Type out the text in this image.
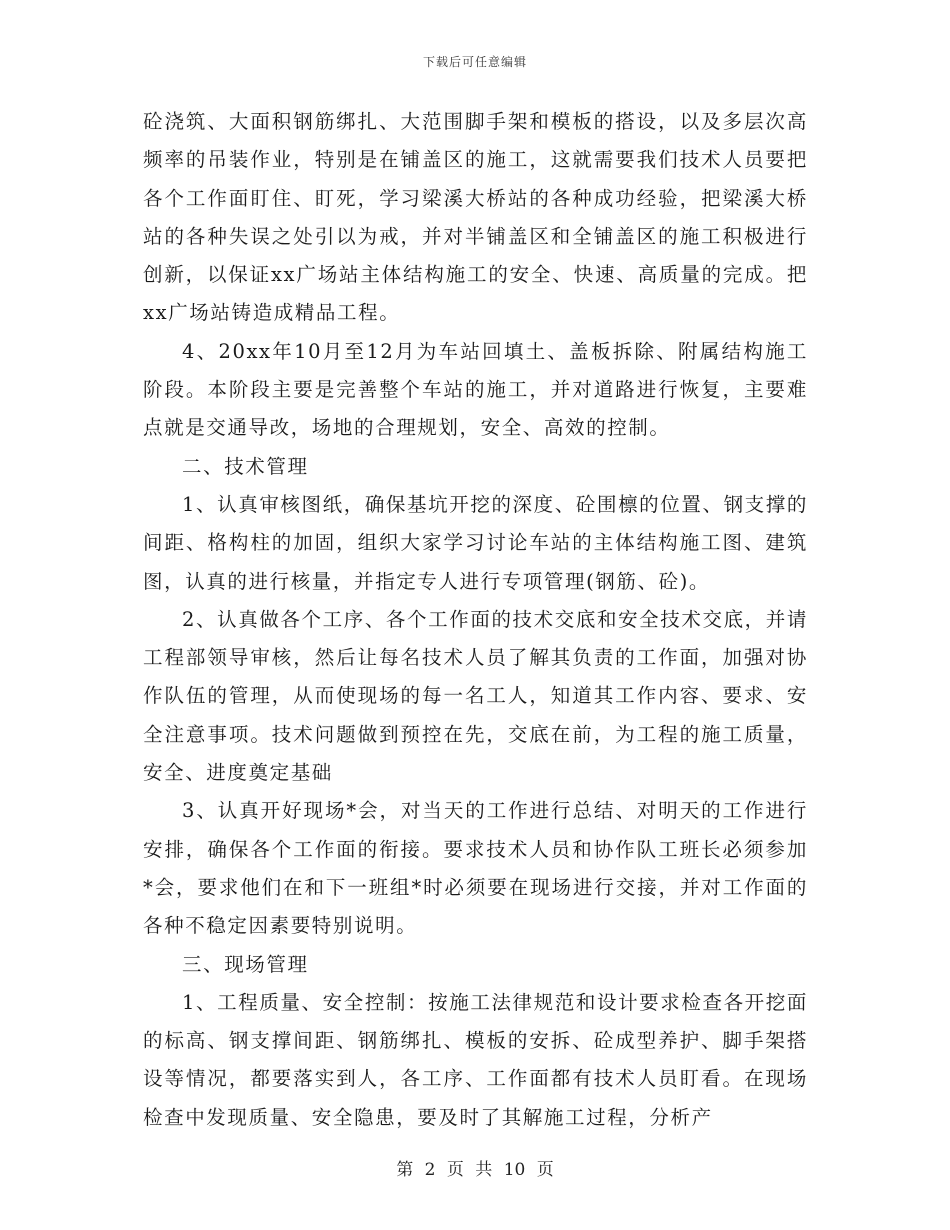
下载后可任意编辑

砼浇筑、大面积钢筋绑扎、大范围脚手架和模板的搭设，以及多层次高频率的吊装作业，特别是在铺盖区的施工，这就需要我们技术人员要把各个工作面盯住、盯死，学习梁溪大桥站的各种成功经验，把梁溪大桥站的各种失误之处引以为戒，并对半铺盖区和全铺盖区的施工积极进行创新，以保证xx广场站主体结构施工的安全、快速、高质量的完成。把xx广场站铸造成精品工程。

4、20xx年10月至12月为车站回填土、盖板拆除、附属结构施工阶段。本阶段主要是完善整个车站的施工，并对道路进行恢复，主要难点就是交通导改，场地的合理规划，安全、高效的控制。

二、技术管理

1、认真审核图纸，确保基坑开挖的深度、砼围檩的位置、钢支撑的间距、格构柱的加固，组织大家学习讨论车站的主体结构施工图、建筑图，认真的进行核量，并指定专人进行专项管理(钢筋、砼)。

2、认真做各个工序、各个工作面的技术交底和安全技术交底，并请工程部领导审核，然后让每名技术人员了解其负责的工作面，加强对协作队伍的管理，从而使现场的每一名工人，知道其工作内容、要求、安全注意事项。技术问题做到预控在先，交底在前，为工程的施工质量，安全、进度奠定基础

3、认真开好现场*会，对当天的工作进行总结、对明天的工作进行安排，确保各个工作面的衔接。要求技术人员和协作队工班长必须参加*会，要求他们在和下一班组*时必须要在现场进行交接，并对工作面的各种不稳定因素要特别说明。

三、现场管理

1、工程质量、安全控制：按施工法律规范和设计要求检查各开挖面的标高、钢支撑间距、钢筋绑扎、模板的安拆、砼成型养护、脚手架搭设等情况，都要落实到人，各工序、工作面都有技术人员盯看。在现场检查中发现质量、安全隐患，要及时了其解施工过程，分析产

第 2 页 共 10 页
